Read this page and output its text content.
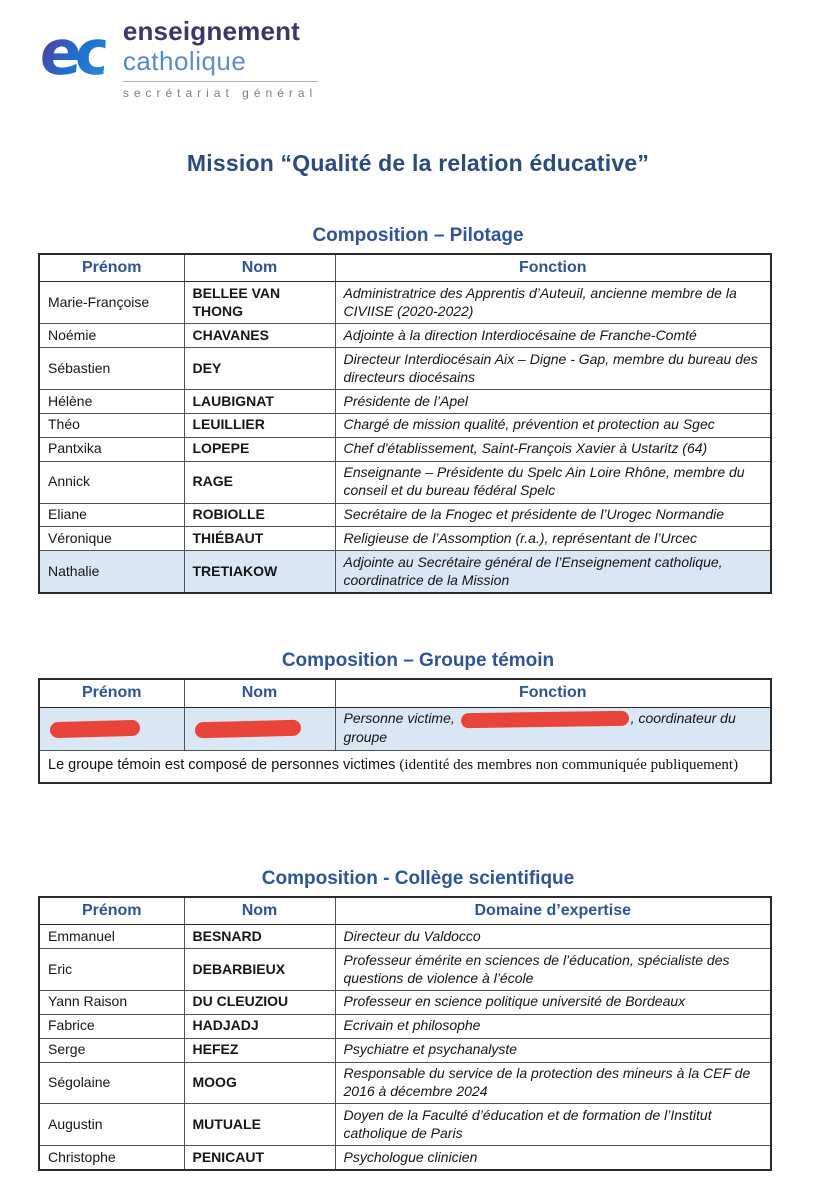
ec enseignement
catholique
secrétariat général
Mission “Qualité de la relation éducative”
Composition – Pilotage
Prénom	Nom	Fonction
Marie-Françoise	BELLEE VAN THONG	Administratrice des Apprentis d’Auteuil, ancienne membre de la CIVIISE (2020-2022)
Noémie	CHAVANES	Adjointe à la direction Interdiocésaine de Franche-Comté
Sébastien	DEY	Directeur Interdiocésain Aix – Digne - Gap, membre du bureau des directeurs diocésains
Hélène	LAUBIGNAT	Présidente de l’Apel
Théo	LEUILLIER	Chargé de mission qualité, prévention et protection au Sgec
Pantxika	LOPEPE	Chef d'établissement, Saint-François Xavier à Ustaritz (64)
Annick	RAGE	Enseignante – Présidente du Spelc Ain Loire Rhône, membre du conseil et du bureau fédéral Spelc
Eliane	ROBIOLLE	Secrétaire de la Fnogec et présidente de l’Urogec Normandie
Véronique	THIÉBAUT	Religieuse de l’Assomption (r.a.), représentant de l’Urcec
Nathalie	TRETIAKOW	Adjointe au Secrétaire général de l’Enseignement catholique, coordinatrice de la Mission
Composition – Groupe témoin
Prénom	Nom	Fonction
		Personne victime, , coordinateur du groupe
Le groupe témoin est composé de personnes victimes (identité des membres non communiquée publiquement)		
Composition - Collège scientifique
Prénom	Nom	Domaine d’expertise
Emmanuel	BESNARD	Directeur du Valdocco
Eric	DEBARBIEUX	Professeur émérite en sciences de l’éducation, spécialiste des questions de violence à l’école
Yann Raison	DU CLEUZIOU	Professeur en science politique université de Bordeaux
Fabrice	HADJADJ	Ecrivain et philosophe
Serge	HEFEZ	Psychiatre et psychanalyste
Ségolaine	MOOG	Responsable du service de la protection des mineurs à la CEF de 2016 à décembre 2024
Augustin	MUTUALE	Doyen de la Faculté d’éducation et de formation de l’Institut catholique de Paris
Christophe	PENICAUT	Psychologue clinicien
